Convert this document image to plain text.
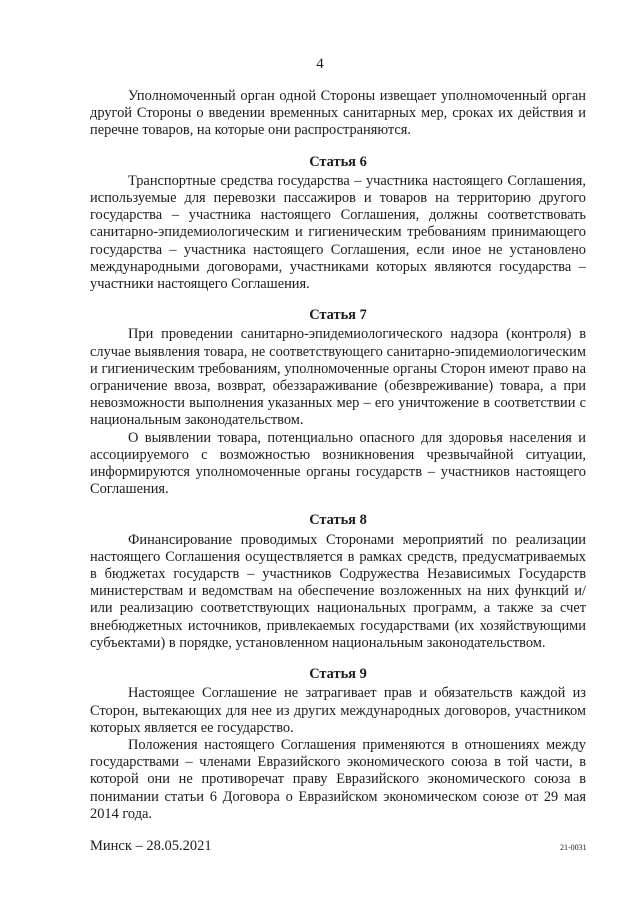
4

Уполномоченный орган одной Стороны извещает уполномоченный орган другой Стороны о введении временных санитарных мер, сроках их действия и перечне товаров, на которые они распространяются.

Статья 6

Транспортные средства государства – участника настоящего Соглашения, используемые для перевозки пассажиров и товаров на территорию другого государства – участника настоящего Соглашения, должны соответствовать санитарно-эпидемиологическим и гигиеническим требованиям принимающего государства – участника настоящего Соглашения, если иное не установлено международными договорами, участниками которых являются государства – участники настоящего Соглашения.

Статья 7

При проведении санитарно-эпидемиологического надзора (контроля) в случае выявления товара, не соответствующего санитарно-эпидемиологическим и гигиеническим требованиям, уполномоченные органы Сторон имеют право на ограничение ввоза, возврат, обеззараживание (обезвреживание) товара, а при невозможности выполнения указанных мер – его уничтожение в соответствии с национальным законодательством.

О выявлении товара, потенциально опасного для здоровья населения и ассоциируемого с возможностью возникновения чрезвычайной ситуации, информируются уполномоченные органы государств – участников настоящего Соглашения.

Статья 8

Финансирование проводимых Сторонами мероприятий по реализации настоящего Соглашения осуществляется в рамках средств, предусматриваемых в бюджетах государств – участников Содружества Независимых Государств министерствам и ведомствам на обеспечение возложенных на них функций и/или реализацию соответствующих национальных программ, а также за счет внебюджетных источников, привлекаемых государствами (их хозяйствующими субъектами) в порядке, установленном национальным законодательством.

Статья 9

Настоящее Соглашение не затрагивает прав и обязательств каждой из Сторон, вытекающих для нее из других международных договоров, участником которых является ее государство.

Положения настоящего Соглашения применяются в отношениях между государствами – членами Евразийского экономического союза в той части, в которой они не противоречат праву Евразийского экономического союза в понимании статьи 6 Договора о Евразийском экономическом союзе от 29 мая 2014 года.

Минск – 28.05.2021	21-0031
